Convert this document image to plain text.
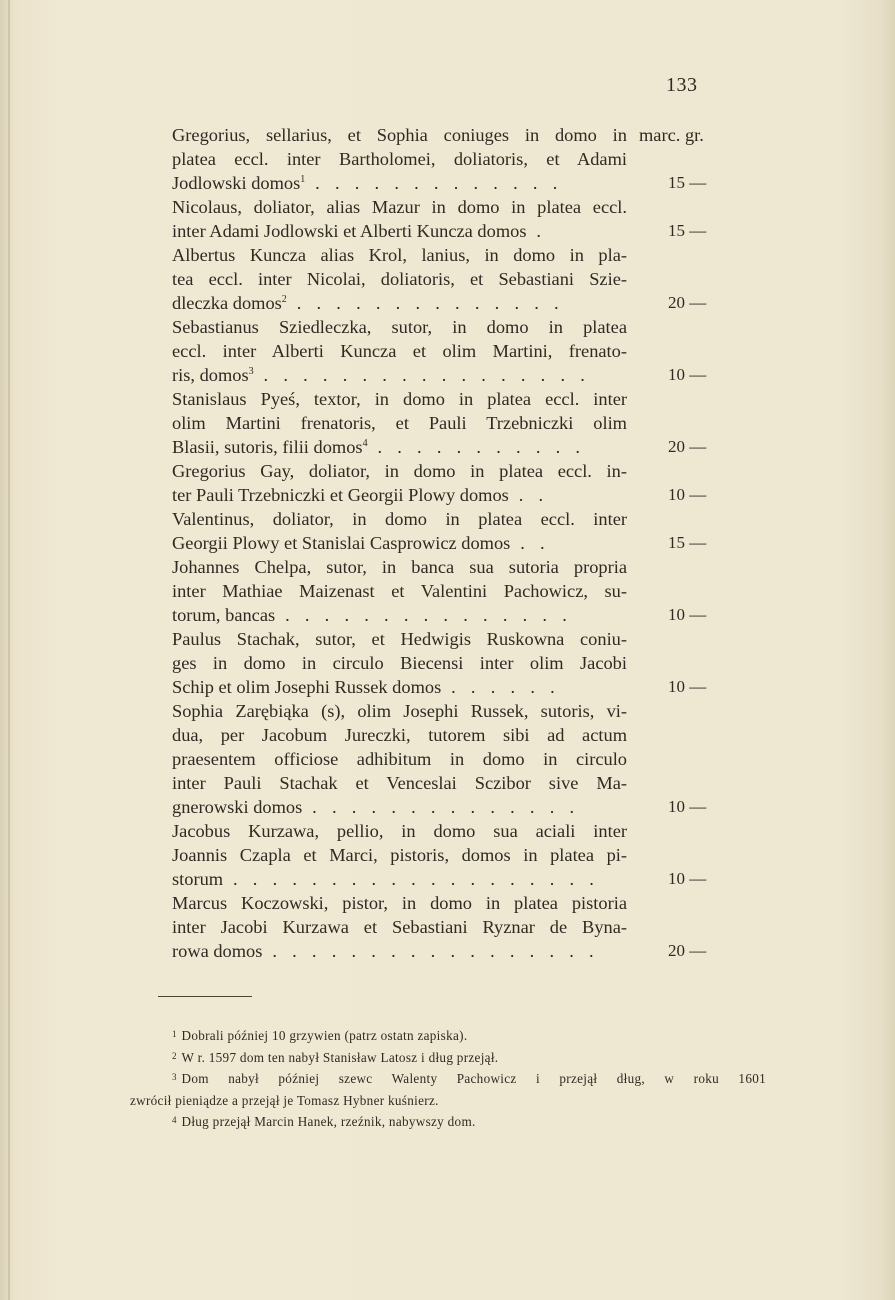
133
Gregorius, sellarius, et Sophia coniuges in domo in marc. gr.
platea eccl. inter Bartholomei, doliatoris, et Adami
Jodlowski domos$^1$ . . . . . . . . . . . . .	15 —
Nicolaus, doliator, alias Mazur in domo in platea eccl.
inter Adami Jodlowski et Alberti Kuncza domos .	15 —
Albertus Kuncza alias Krol, lanius, in domo in pla-
tea eccl. inter Nicolai, doliatoris, et Sebastiani Szie-
dleczka domos$^2$ . . . . . . . . . . . . . .	20 —
Sebastianus Sziedleczka, sutor, in domo in platea
eccl. inter Alberti Kuncza et olim Martini, frenato-
ris, domos$^3$ . . . . . . . . . . . . . . . . .	10 —
Stanislaus Pyeś, textor, in domo in platea eccl. inter
olim Martini frenatoris, et Pauli Trzebniczki olim
Blasii, sutoris, filii domos$^4$ . . . . . . . . . . .	20 —
Gregorius Gay, doliator, in domo in platea eccl. in-
ter Pauli Trzebniczki et Georgii Plowy domos . .	10 —
Valentinus, doliator, in domo in platea eccl. inter
Georgii Plowy et Stanislai Casprowicz domos . .	15 —
Johannes Chelpa, sutor, in banca sua sutoria propria
inter Mathiae Maizenast et Valentini Pachowicz, su-
torum, bancas . . . . . . . . . . . . . . .	10 —
Paulus Stachak, sutor, et Hedwigis Ruskowna coniu-
ges in domo in circulo Biecensi inter olim Jacobi
Schip et olim Josephi Russek domos . . . . . .	10 —
Sophia Zarębiąka (s), olim Josephi Russek, sutoris, vi-
dua, per Jacobum Jureczki, tutorem sibi ad actum
praesentem officiose adhibitum in domo in circulo
inter Pauli Stachak et Venceslai Sczibor sive Ma-
gnerowski domos . . . . . . . . . . . . . .	10 —
Jacobus Kurzawa, pellio, in domo sua aciali inter
Joannis Czapla et Marci, pistoris, domos in platea pi-
storum . . . . . . . . . . . . . . . . . . .	10 —
Marcus Koczowski, pistor, in domo in platea pistoria
inter Jacobi Kurzawa et Sebastiani Ryznar de Byna-
rowa domos . . . . . . . . . . . . . . . . .	20 —
$^1$ Dobrali później 10 grzywien (patrz ostatn zapiska).
$^2$ W r. 1597 dom ten nabył Stanisław Latosz i dług przejął.
$^3$ Dom nabył później szewc Walenty Pachowicz i przejął dług, w roku 1601
zwrócił pieniądze a przejął je Tomasz Hybner kuśnierz.
$^4$ Dług przejął Marcin Hanek, rzeźnik, nabywszy dom.
